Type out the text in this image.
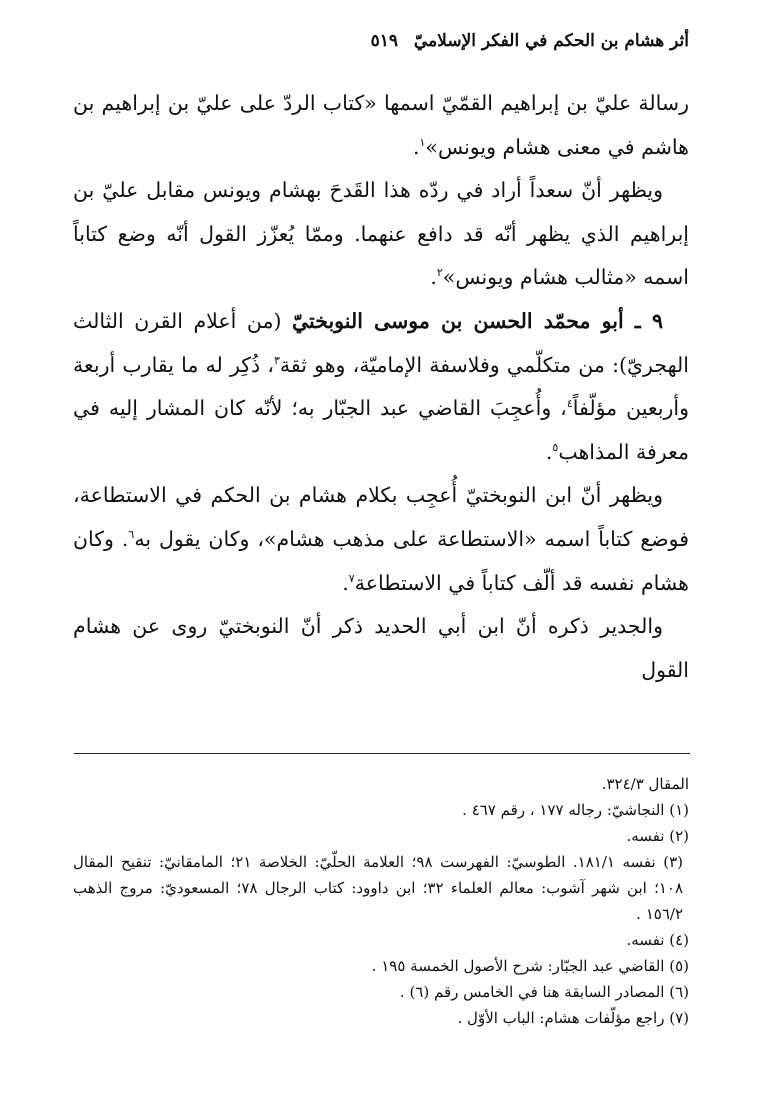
أثر هشام بن الحكم في الفكر الإسلاميّ ٥١٩

رسالة عليّ بن إبراهيم القمّيّ اسمها «كتاب الردّ على عليّ بن إبراهيم بن هاشم في معنى هشام ويونس»$^١$.

ويظهر أنّ سعداً أراد في ردّه هذا القَدحَ بهشام ويونس مقابل عليّ بن إبراهيم الذي يظهر أنّه قد دافع عنهما. وممّا يُعزّز القول أنّه وضع كتاباً اسمه «مثالب هشام ويونس»$^٢$.

٩ ـ أبو محمّد الحسن بن موسى النوبختيّ (من أعلام القرن الثالث الهجريّ): من متكلّمي وفلاسفة الإماميّة، وهو ثقة$^٣$، ذُكِر له ما يقارب أربعة وأربعين مؤلّفاً$^٤$، وأُعجِبَ القاضي عبد الجبّار به؛ لأنّه كان المشار إليه في معرفة المذاهب$^٥$.

ويظهر أنّ ابن النوبختيّ أُعجِب بكلام هشام بن الحكم في الاستطاعة، فوضع كتاباً اسمه «الاستطاعة على مذهب هشام»، وكان يقول به$^٦$. وكان هشام نفسه قد ألّف كتاباً في الاستطاعة$^٧$.

والجدير ذكره أنّ ابن أبي الحديد ذكر أنّ النوبختيّ روى عن هشام القول

المقال ٣٢٤/٣.

(١) النجاشيّ: رجاله ١٧٧ ، رقم ٤٦٧ .

(٢) نفسه.

(٣) نفسه ١٨١/١. الطوسيّ: الفهرست ٩٨؛ العلامة الحلّيّ: الخلاصة ٢١؛ المامقانيّ: تنقيح المقال ١٠٨؛ ابن شهر آشوب: معالم العلماء ٣٢؛ ابن داوود: كتاب الرجال ٧٨؛ المسعوديّ: مروج الذهب ١٥٦/٢ .

(٤) نفسه.

(٥) القاضي عبد الجبّار: شرح الأصول الخمسة ١٩٥ .

(٦) المصادر السابقة هنا في الخامس رقم (٦) .

(٧) راجع مؤلّفات هشام: الباب الأوّل .
